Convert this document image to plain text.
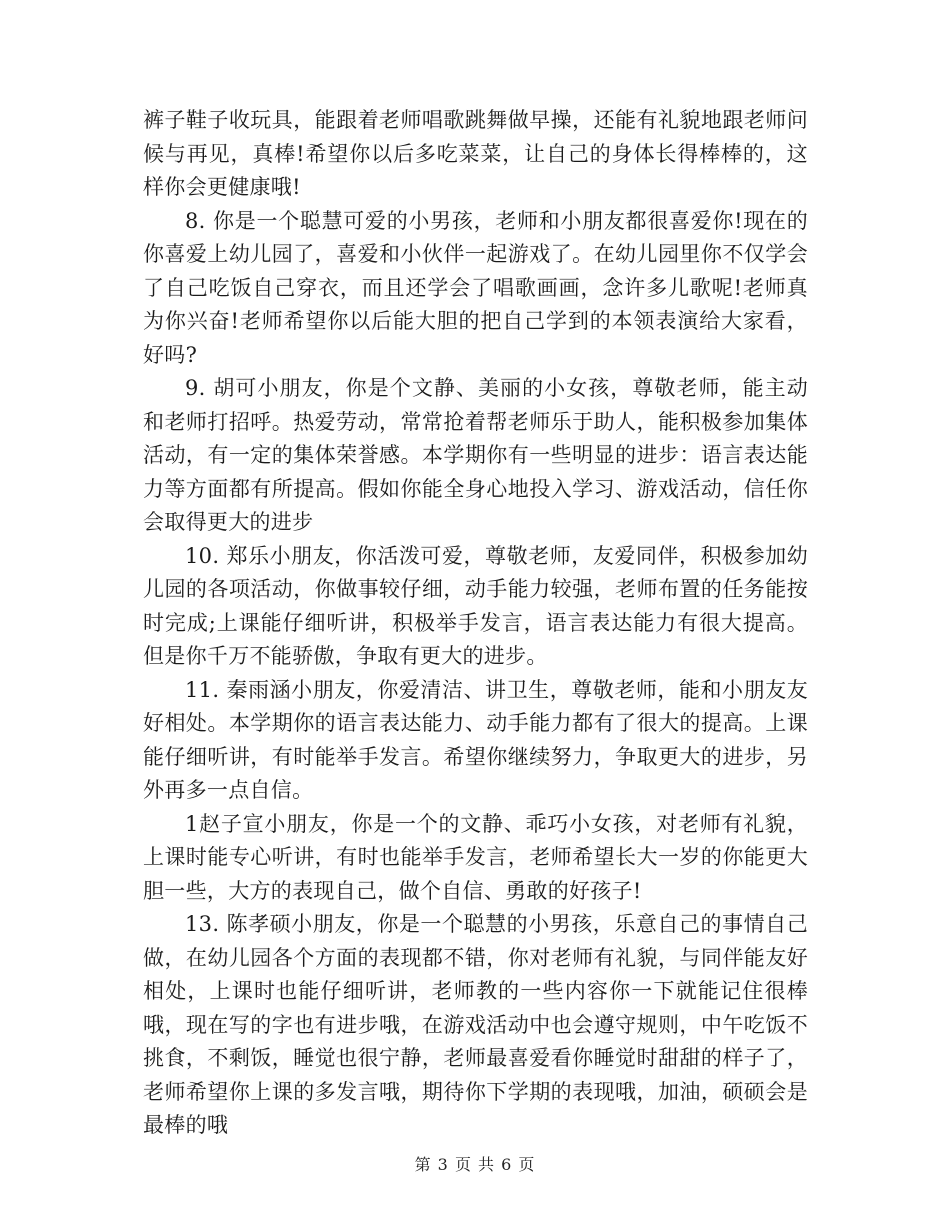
裤子鞋子收玩具，能跟着老师唱歌跳舞做早操，还能有礼貌地跟老师问候与再见，真棒!希望你以后多吃菜菜，让自己的身体长得棒棒的，这样你会更健康哦!

8. 你是一个聪慧可爱的小男孩，老师和小朋友都很喜爱你!现在的你喜爱上幼儿园了，喜爱和小伙伴一起游戏了。在幼儿园里你不仅学会了自己吃饭自己穿衣，而且还学会了唱歌画画，念许多儿歌呢!老师真为你兴奋!老师希望你以后能大胆的把自己学到的本领表演给大家看，好吗?

9. 胡可小朋友，你是个文静、美丽的小女孩，尊敬老师，能主动和老师打招呼。热爱劳动，常常抢着帮老师乐于助人，能积极参加集体活动，有一定的集体荣誉感。本学期你有一些明显的进步：语言表达能力等方面都有所提高。假如你能全身心地投入学习、游戏活动，信任你会取得更大的进步

10. 郑乐小朋友，你活泼可爱，尊敬老师，友爱同伴，积极参加幼儿园的各项活动，你做事较仔细，动手能力较强，老师布置的任务能按时完成;上课能仔细听讲，积极举手发言，语言表达能力有很大提高。但是你千万不能骄傲，争取有更大的进步。

11. 秦雨涵小朋友，你爱清洁、讲卫生，尊敬老师，能和小朋友友好相处。本学期你的语言表达能力、动手能力都有了很大的提高。上课能仔细听讲，有时能举手发言。希望你继续努力，争取更大的进步，另外再多一点自信。

1赵子宣小朋友，你是一个的文静、乖巧小女孩，对老师有礼貌，上课时能专心听讲，有时也能举手发言，老师希望长大一岁的你能更大胆一些，大方的表现自己，做个自信、勇敢的好孩子!

13. 陈孝硕小朋友，你是一个聪慧的小男孩，乐意自己的事情自己做，在幼儿园各个方面的表现都不错，你对老师有礼貌，与同伴能友好相处，上课时也能仔细听讲，老师教的一些内容你一下就能记住很棒哦，现在写的字也有进步哦，在游戏活动中也会遵守规则，中午吃饭不挑食，不剩饭，睡觉也很宁静，老师最喜爱看你睡觉时甜甜的样子了，老师希望你上课的多发言哦，期待你下学期的表现哦，加油，硕硕会是最棒的哦

第 3 页 共 6 页
